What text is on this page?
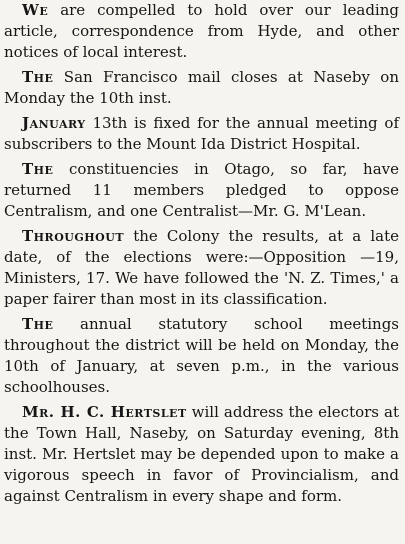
We are compelled to hold over our leading article, correspondence from Hyde, and other notices of local interest.

The San Francisco mail closes at Naseby on Monday the 10th inst.

January 13th is fixed for the annual meeting of subscribers to the Mount Ida District Hospital.

The constituencies in Otago, so far, have returned 11 members pledged to oppose Centralism, and one Centralist—Mr. G. M'Lean.

Throughout the Colony the results, at a late date, of the elections were:—Opposition —19, Ministers, 17. We have followed the 'N. Z. Times,' a paper fairer than most in its classification.

The annual statutory school meetings throughout the district will be held on Monday, the 10th of January, at seven p.m., in the various schoolhouses.

Mr. H. C. Hertslet will address the electors at the Town Hall, Naseby, on Saturday evening, 8th inst. Mr. Hertslet may be depended upon to make a vigorous speech in favor of Provincialism, and against Centralism in every shape and form.
